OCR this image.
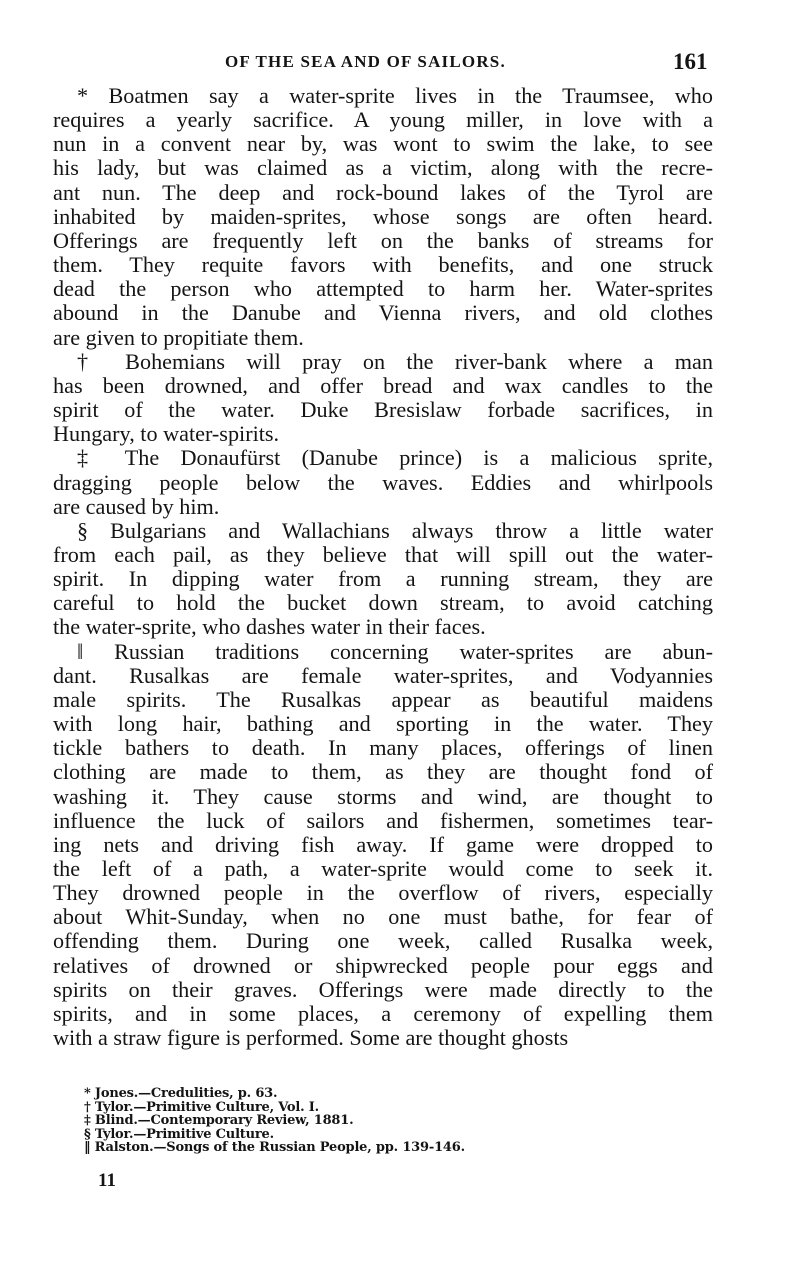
OF THE SEA AND OF SAILORS.	161
* Boatmen say a water-sprite lives in the Traumsee, who
requires a yearly sacrifice. A young miller, in love with a
nun in a convent near by, was wont to swim the lake, to see
his lady, but was claimed as a victim, along with the recre-
ant nun. The deep and rock-bound lakes of the Tyrol are
inhabited by maiden-sprites, whose songs are often heard.
Offerings are frequently left on the banks of streams for
them. They requite favors with benefits, and one struck
dead the person who attempted to harm her. Water-sprites
abound in the Danube and Vienna rivers, and old clothes
are given to propitiate them.
† Bohemians will pray on the river-bank where a man
has been drowned, and offer bread and wax candles to the
spirit of the water. Duke Bresislaw forbade sacrifices, in
Hungary, to water-spirits.
‡ The Donaufürst (Danube prince) is a malicious sprite,
dragging people below the waves. Eddies and whirlpools
are caused by him.
§ Bulgarians and Wallachians always throw a little water
from each pail, as they believe that will spill out the water-
spirit. In dipping water from a running stream, they are
careful to hold the bucket down stream, to avoid catching
the water-sprite, who dashes water in their faces.
‖ Russian traditions concerning water-sprites are abun-
dant. Rusalkas are female water-sprites, and Vodyannies
male spirits. The Rusalkas appear as beautiful maidens
with long hair, bathing and sporting in the water. They
tickle bathers to death. In many places, offerings of linen
clothing are made to them, as they are thought fond of
washing it. They cause storms and wind, are thought to
influence the luck of sailors and fishermen, sometimes tear-
ing nets and driving fish away. If game were dropped to
the left of a path, a water-sprite would come to seek it.
They drowned people in the overflow of rivers, especially
about Whit-Sunday, when no one must bathe, for fear of
offending them. During one week, called Rusalka week,
relatives of drowned or shipwrecked people pour eggs and
spirits on their graves. Offerings were made directly to the
spirits, and in some places, a ceremony of expelling them
with a straw figure is performed. Some are thought ghosts
* Jones.—Credulities, p. 63.
† Tylor.—Primitive Culture, Vol. I.
‡ Blind.—Contemporary Review, 1881.
§ Tylor.—Primitive Culture.
‖ Ralston.—Songs of the Russian People, pp. 139-146.
11
